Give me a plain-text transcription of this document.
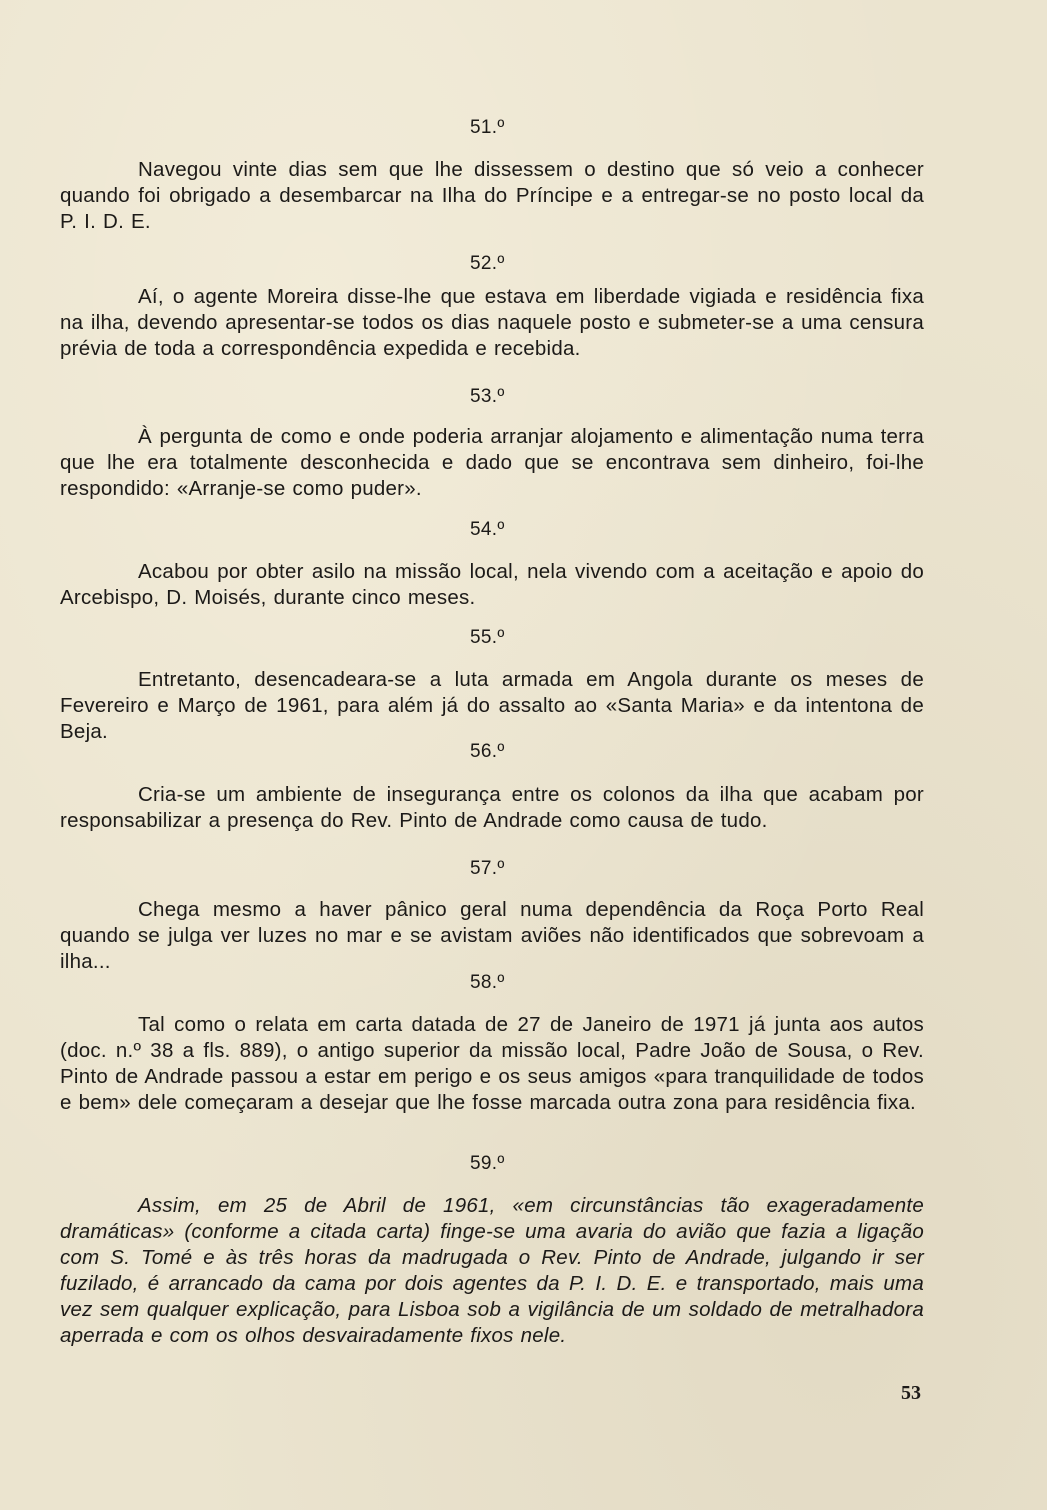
51.º
Navegou vinte dias sem que lhe dissessem o destino que só veio a conhecer quando foi obrigado a desembarcar na Ilha do Príncipe e a entregar-se no posto local da P. I. D. E.
52.º
Aí, o agente Moreira disse-lhe que estava em liberdade vigiada e residência fixa na ilha, devendo apresentar-se todos os dias naquele posto e submeter-se a uma censura prévia de toda a correspondência expedida e recebida.
53.º
À pergunta de como e onde poderia arranjar alojamento e alimentação numa terra que lhe era totalmente desconhecida e dado que se encontrava sem dinheiro, foi-lhe respondido: «Arranje-se como puder».
54.º
Acabou por obter asilo na missão local, nela vivendo com a aceitação e apoio do Arcebispo, D. Moisés, durante cinco meses.
55.º
Entretanto, desencadeara-se a luta armada em Angola durante os meses de Fevereiro e Março de 1961, para além já do assalto ao «Santa Maria» e da intentona de Beja.
56.º
Cria-se um ambiente de insegurança entre os colonos da ilha que acabam por responsabilizar a presença do Rev. Pinto de Andrade como causa de tudo.
57.º
Chega mesmo a haver pânico geral numa dependência da Roça Porto Real quando se julga ver luzes no mar e se avistam aviões não identificados que sobrevoam a ilha...
58.º
Tal como o relata em carta datada de 27 de Janeiro de 1971 já junta aos autos (doc. n.º 38 a fls. 889), o antigo superior da missão local, Padre João de Sousa, o Rev. Pinto de Andrade passou a estar em perigo e os seus amigos «para tranquilidade de todos e bem» dele começaram a desejar que lhe fosse marcada outra zona para residência fixa.
59.º
Assim, em 25 de Abril de 1961, «em circunstâncias tão exageradamente dramáticas» (conforme a citada carta) finge-se uma avaria do avião que fazia a ligação com S. Tomé e às três horas da madrugada o Rev. Pinto de Andrade, julgando ir ser fuzilado, é arrancado da cama por dois agentes da P. I. D. E. e transportado, mais uma vez sem qualquer explicação, para Lisboa sob a vigilância de um soldado de metralhadora aperrada e com os olhos desvairadamente fixos nele.
53
